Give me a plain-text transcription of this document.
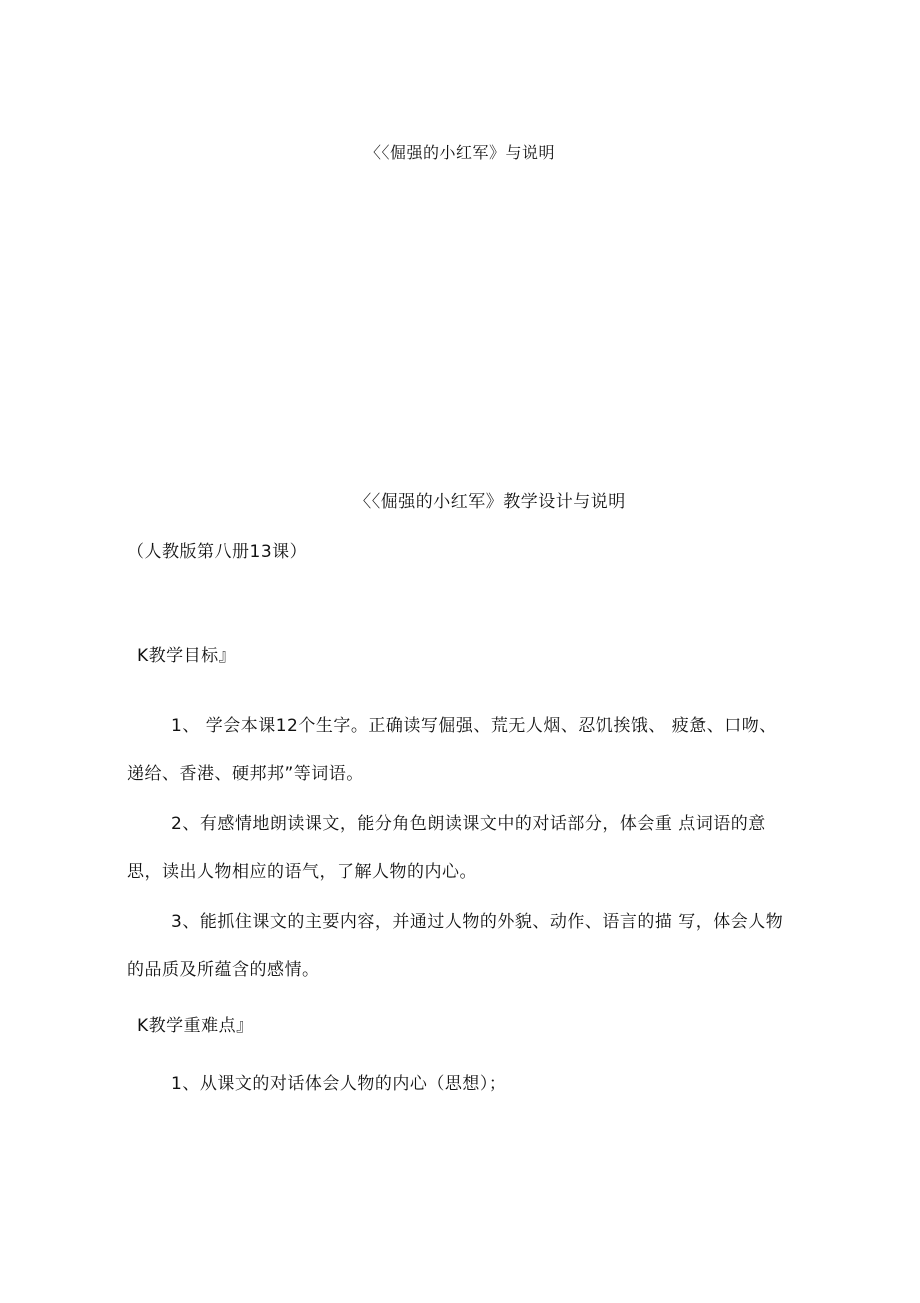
〈〈倔强的小红军》与说明
〈〈倔强的小红军》教学设计与说明
（人教版第八册13课）
K教学目标』
1、 学会本课12个生字。正确读写倔强、荒无人烟、忍饥挨饿、 疲惫、口吻、递给、香港、硬邦邦”等词语。
2、有感情地朗读课文，能分角色朗读课文中的对话部分，体会重 点词语的意思，读出人物相应的语气，了解人物的内心。
3、能抓住课文的主要内容，并通过人物的外貌、动作、语言的描 写，体会人物的品质及所蕴含的感情。
K教学重难点』
1、从课文的对话体会人物的内心（思想）；
